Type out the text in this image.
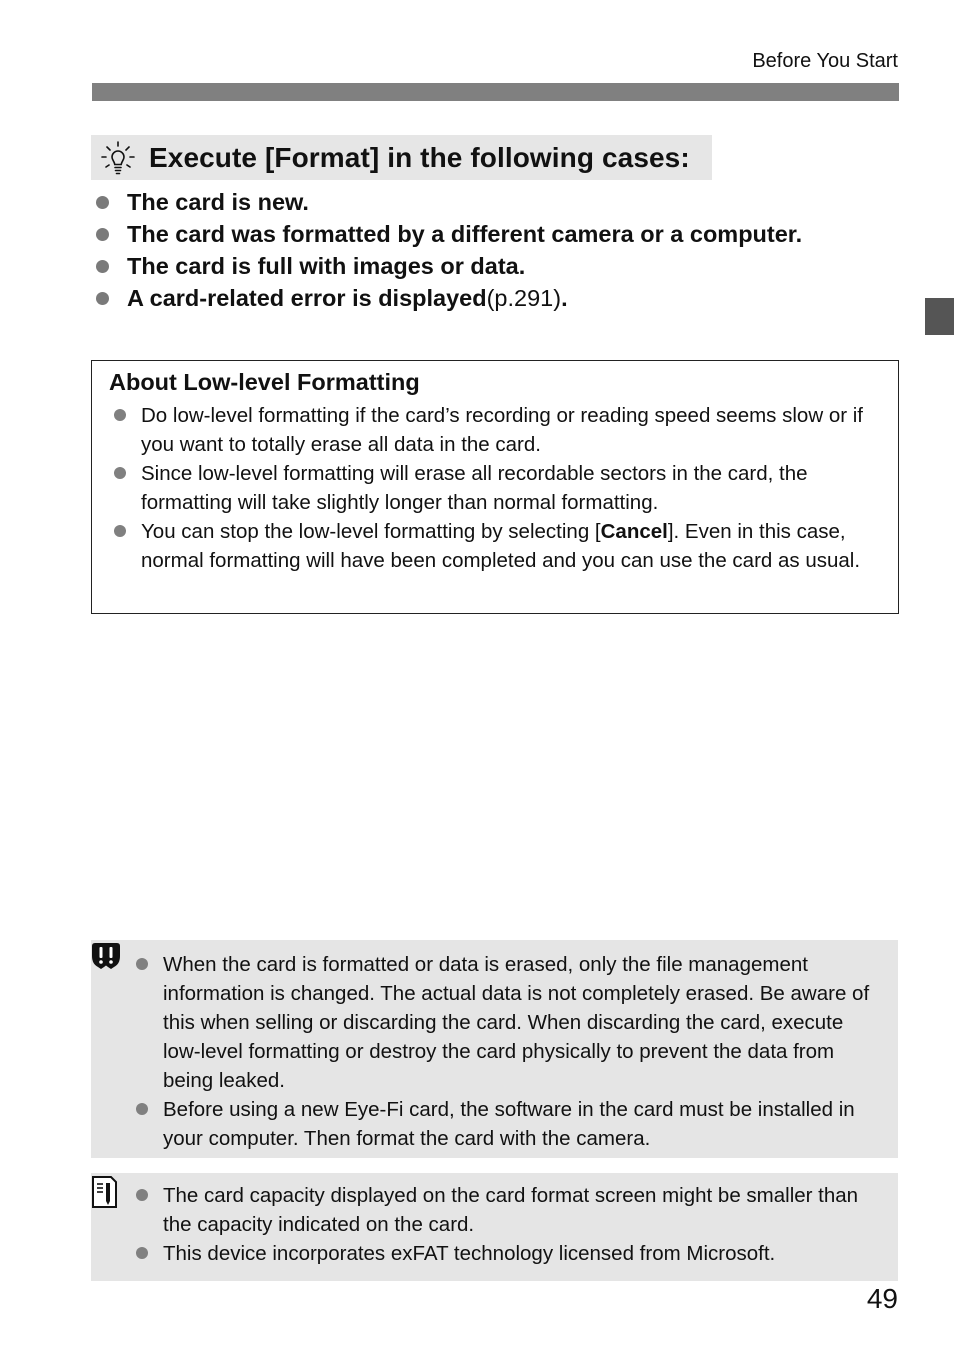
Before You Start
Execute [Format] in the following cases:
The card is new.
The card was formatted by a different camera or a computer.
The card is full with images or data.
A card-related error is displayed (p.291) .
About Low-level Formatting
Do low-level formatting if the card’s recording or reading speed seems slow or if you want to totally erase all data in the card.
Since low-level formatting will erase all recordable sectors in the card, the formatting will take slightly longer than normal formatting.
You can stop the low-level formatting by selecting [Cancel]. Even in this case, normal formatting will have been completed and you can use the card as usual.
When the card is formatted or data is erased, only the file management information is changed. The actual data is not completely erased. Be aware of this when selling or discarding the card. When discarding the card, execute low-level formatting or destroy the card physically to prevent the data from being leaked.
Before using a new Eye-Fi card, the software in the card must be installed in your computer. Then format the card with the camera.
The card capacity displayed on the card format screen might be smaller than the capacity indicated on the card.
This device incorporates exFAT technology licensed from Microsoft.
49
